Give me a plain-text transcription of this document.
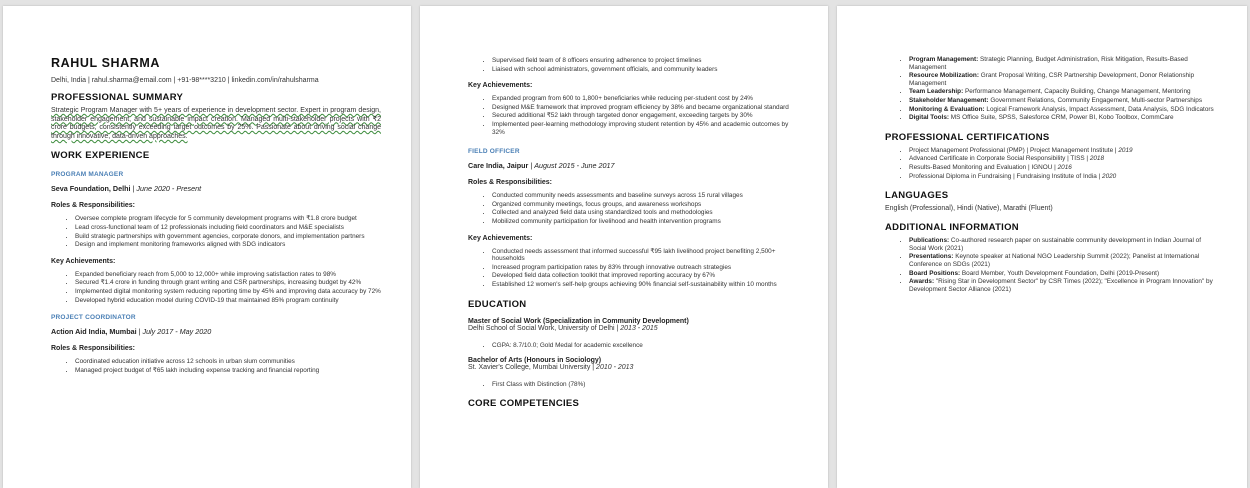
RAHUL SHARMA
Delhi, India | rahul.sharma@email.com | +91-98****3210 | linkedin.com/in/rahulsharma
PROFESSIONAL SUMMARY
Strategic Program Manager with 5+ years of experience in development sector. Expert in program design, stakeholder engagement, and sustainable impact creation. Managed multi-stakeholder projects with ₹2 crore budgets, consistently exceeding target outcomes by 25%. Passionate about driving social change through innovative, data-driven approaches.
WORK EXPERIENCE
PROGRAM MANAGER
Seva Foundation, Delhi | June 2020 - Present
Roles & Responsibilities:
• Oversee complete program lifecycle for 5 community development programs with ₹1.8 crore budget
• Lead cross-functional team of 12 professionals including field coordinators and M&E specialists
• Build strategic partnerships with government agencies, corporate donors, and implementation partners
• Design and implement monitoring frameworks aligned with SDG indicators
Key Achievements:
• Expanded beneficiary reach from 5,000 to 12,000+ while improving satisfaction rates to 98%
• Secured ₹1.4 crore in funding through grant writing and CSR partnerships, increasing budget by 42%
• Implemented digital monitoring system reducing reporting time by 45% and improving data accuracy by 72%
• Developed hybrid education model during COVID-19 that maintained 85% program continuity
PROJECT COORDINATOR
Action Aid India, Mumbai | July 2017 - May 2020
Roles & Responsibilities:
• Coordinated education initiative across 12 schools in urban slum communities
• Managed project budget of ₹65 lakh including expense tracking and financial reporting
• Supervised field team of 8 officers ensuring adherence to project timelines
• Liaised with school administrators, government officials, and community leaders
Key Achievements:
• Expanded program from 600 to 1,800+ beneficiaries while reducing per-student cost by 24%
• Designed M&E framework that improved program efficiency by 38% and became organizational standard
• Secured additional ₹52 lakh through targeted donor engagement, exceeding targets by 30%
• Implemented peer-learning methodology improving student retention by 45% and academic outcomes by 32%
FIELD OFFICER
Care India, Jaipur | August 2015 - June 2017
Roles & Responsibilities:
• Conducted community needs assessments and baseline surveys across 15 rural villages
• Organized community meetings, focus groups, and awareness workshops
• Collected and analyzed field data using standardized tools and methodologies
• Mobilized community participation for livelihood and health intervention programs
Key Achievements:
• Conducted needs assessment that informed successful ₹95 lakh livelihood project benefiting 2,500+ households
• Increased program participation rates by 83% through innovative outreach strategies
• Developed field data collection toolkit that improved reporting accuracy by 67%
• Established 12 women's self-help groups achieving 90% financial self-sustainability within 10 months
EDUCATION
Master of Social Work (Specialization in Community Development)
Delhi School of Social Work, University of Delhi | 2013 - 2015
• CGPA: 8.7/10.0; Gold Medal for academic excellence
Bachelor of Arts (Honours in Sociology)
St. Xavier's College, Mumbai University | 2010 - 2013
• First Class with Distinction (78%)
CORE COMPETENCIES
• Program Management: Strategic Planning, Budget Administration, Risk Mitigation, Results-Based Management
• Resource Mobilization: Grant Proposal Writing, CSR Partnership Development, Donor Relationship Management
• Team Leadership: Performance Management, Capacity Building, Change Management, Mentoring
• Stakeholder Management: Government Relations, Community Engagement, Multi-sector Partnerships
• Monitoring & Evaluation: Logical Framework Analysis, Impact Assessment, Data Analysis, SDG Indicators
• Digital Tools: MS Office Suite, SPSS, Salesforce CRM, Power BI, Kobo Toolbox, CommCare
PROFESSIONAL CERTIFICATIONS
• Project Management Professional (PMP) | Project Management Institute | 2019
• Advanced Certificate in Corporate Social Responsibility | TISS | 2018
• Results-Based Monitoring and Evaluation | IGNOU | 2016
• Professional Diploma in Fundraising | Fundraising Institute of India | 2020
LANGUAGES
English (Professional), Hindi (Native), Marathi (Fluent)
ADDITIONAL INFORMATION
• Publications: Co-authored research paper on sustainable community development in Indian Journal of Social Work (2021)
• Presentations: Keynote speaker at National NGO Leadership Summit (2022); Panelist at International Conference on SDGs (2021)
• Board Positions: Board Member, Youth Development Foundation, Delhi (2019-Present)
• Awards: "Rising Star in Development Sector" by CSR Times (2022); "Excellence in Program Innovation" by Development Sector Alliance (2021)
